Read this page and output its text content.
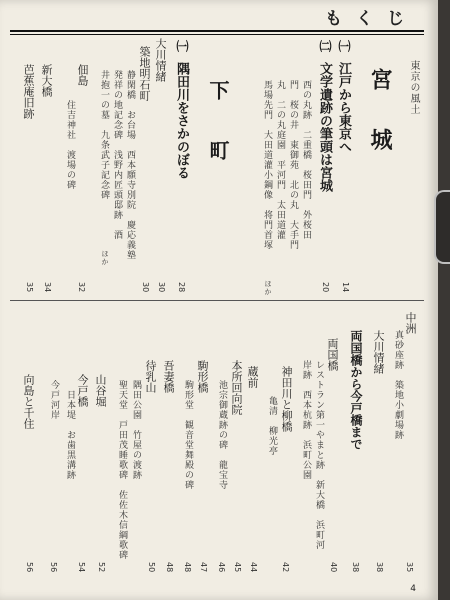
もくじ
東京の風土
宮　城
㈠
江戸から東京へ
14
㈡
文学遺跡の筆頭は宮城
20
西の丸跡　二重橋　桜田門　外桜田
門　桜の井　東御苑　北の丸　大手門
丸　二の丸庭園　平河門　太田道灌
馬場先門　大田道灌小鋼像　将門首塚
ほか
下　町
㈠
隅田川をさかのぼる
28
大川情緒
30
築地明石町
30
静閑橋　お台場　西本願寺別院　慶応義塾
発祥の地記念碑　浅野内匠頭邸跡　酒
井抱一の墓　九条武子記念碑
ほか
佃島
住吉神社　渡場の碑
32
新大橋
34
芭蕉庵旧跡
35
中洲
真砂座跡　築地小劇場跡
35
大川情緒
38
両国橋から今戸橋まで
38
両国橋
40
レストラン第一やまと跡　新大橋　浜町河
岸跡　西本杭跡　浜町公園
神田川と柳橋
42
亀清　柳光亭
蔵前
44
本所回向院
45
池宗御蔵跡の碑　龍宝寺
46
駒形橋
47
駒形堂　観音堂舞殿の碑
48
吾妻橋
48
待乳山
50
隅田公園　竹屋の渡跡
聖天堂　戸田茂睡歌碑　佐佐木信綱歌碑
山谷堀
52
今戸橋
日本堤　お歯黒溝跡
54
今戸河岸
56
向島と千住
56
4
